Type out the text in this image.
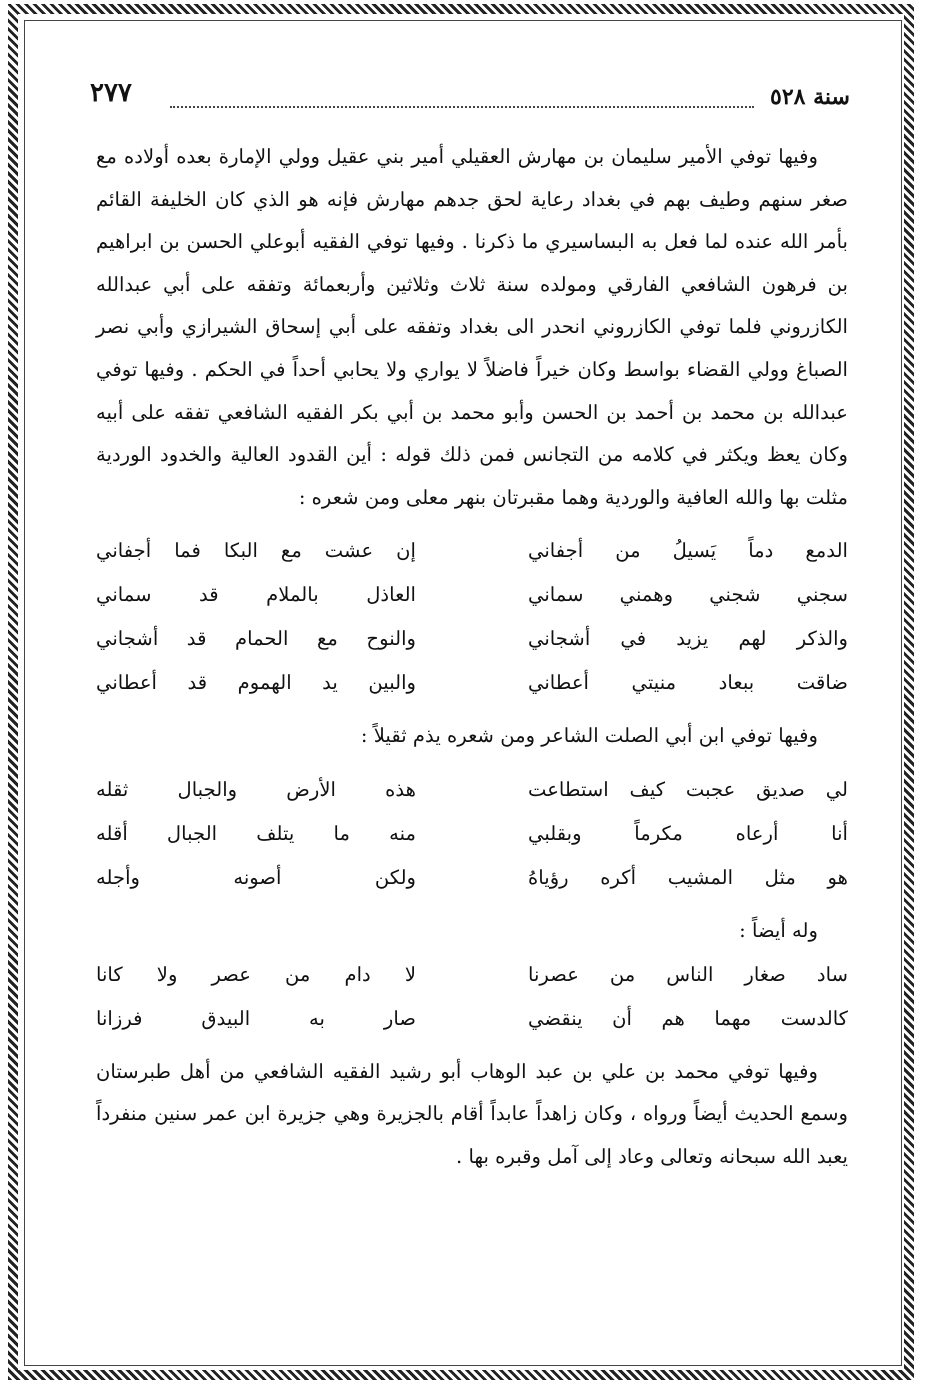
سنة ٥٢٨
٢٧٧

وفيها توفي الأمير سليمان بن مهارش العقيلي أمير بني عقيل وولي الإمارة بعده أولاده مع صغر سنهم وطيف بهم في بغداد رعاية لحق جدهم مهارش فإنه هو الذي كان الخليفة القائم بأمر الله عنده لما فعل به البساسيري ما ذكرنا . وفيها توفي الفقيه أبوعلي الحسن بن ابراهيم بن فرهون الشافعي الفارقي ومولده سنة ثلاث وثلاثين وأربعمائة وتفقه على أبي عبدالله الكازروني فلما توفي الكازروني انحدر الى بغداد وتفقه على أبي إسحاق الشيرازي وأبي نصر الصباغ وولي القضاء بواسط وكان خيراً فاضلاً لا يواري ولا يحابي أحداً في الحكم . وفيها توفي عبدالله بن محمد بن أحمد بن الحسن وأبو محمد بن أبي بكر الفقيه الشافعي تفقه على أبيه وكان يعظ ويكثر في كلامه من التجانس فمن ذلك قوله : أين القدود العالية والخدود الوردية مثلت بها والله العافية والوردية وهما مقبرتان بنهر معلى ومن شعره :

الدمع دماً يَسيلُ من أجفاني
إن عشت مع البكا فما أجفاني
سجني شجني وهمني سماني
العاذل بالملام قد سماني
والذكر لهم يزيد في أشجاني
والنوح مع الحمام قد أشجاني
ضاقت ببعاد منيتي أعطاني
والبين يد الهموم قد أعطاني

وفيها توفي ابن أبي الصلت الشاعر ومن شعره يذم ثقيلاً :

لي صديق عجبت كيف استطاعت
هذه الأرض والجبال ثقله
أنا أرعاه مكرماً وبقلبي
منه ما يتلف الجبال أقله
هو مثل المشيب أكره رؤياهُ
ولكن أصونه وأجله

وله أيضاً :

ساد صغار الناس من عصرنا
لا دام من عصر ولا كانا
كالدست مهما هم أن ينقضي
صار به البيدق فرزانا

وفيها توفي محمد بن علي بن عبد الوهاب أبو رشيد الفقيه الشافعي من أهل طبرستان وسمع الحديث أيضاً ورواه ، وكان زاهداً عابداً أقام بالجزيرة وهي جزيرة ابن عمر سنين منفرداً يعبد الله سبحانه وتعالى وعاد إلى آمل وقبره بها .
